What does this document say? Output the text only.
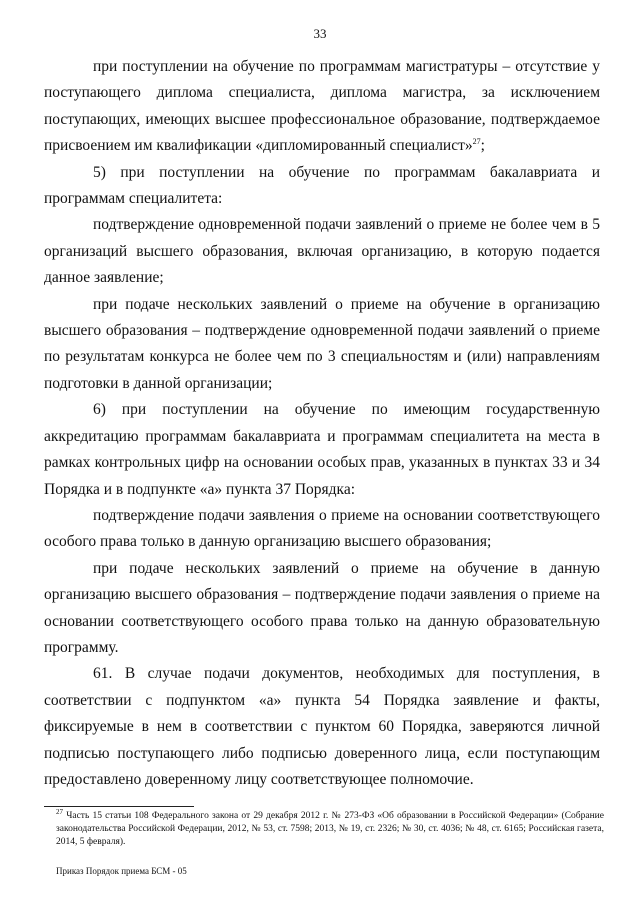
33

при поступлении на обучение по программам магистратуры – отсутствие у поступающего диплома специалиста, диплома магистра, за исключением поступающих, имеющих высшее профессиональное образование, подтверждаемое присвоением им квалификации «дипломированный специалист»$^{27}$;

5) при поступлении на обучение по программам бакалавриата и программам специалитета:

подтверждение одновременной подачи заявлений о приеме не более чем в 5 организаций высшего образования, включая организацию, в которую подается данное заявление;

при подаче нескольких заявлений о приеме на обучение в организацию высшего образования – подтверждение одновременной подачи заявлений о приеме по результатам конкурса не более чем по 3 специальностям и (или) направлениям подготовки в данной организации;

6) при поступлении на обучение по имеющим государственную аккредитацию программам бакалавриата и программам специалитета на места в рамках контрольных цифр на основании особых прав, указанных в пунктах 33 и 34 Порядка и в подпункте «а» пункта 37 Порядка:

подтверждение подачи заявления о приеме на основании соответствующего особого права только в данную организацию высшего образования;

при подаче нескольких заявлений о приеме на обучение в данную организацию высшего образования – подтверждение подачи заявления о приеме на основании соответствующего особого права только на данную образовательную программу.

61. В случае подачи документов, необходимых для поступления, в соответствии с подпунктом «а» пункта 54 Порядка заявление и факты, фиксируемые в нем в соответствии с пунктом 60 Порядка, заверяются личной подписью поступающего либо подписью доверенного лица, если поступающим предоставлено доверенному лицу соответствующее полномочие.

$^{27}$ Часть 15 статьи 108 Федерального закона от 29 декабря 2012 г. № 273-ФЗ «Об образовании в Российской Федерации» (Собрание законодательства Российской Федерации, 2012, № 53, ст. 7598; 2013, № 19, ст. 2326; № 30, ст. 4036; № 48, ст. 6165; Российская газета, 2014, 5 февраля).

Приказ Порядок приема БСМ - 05
